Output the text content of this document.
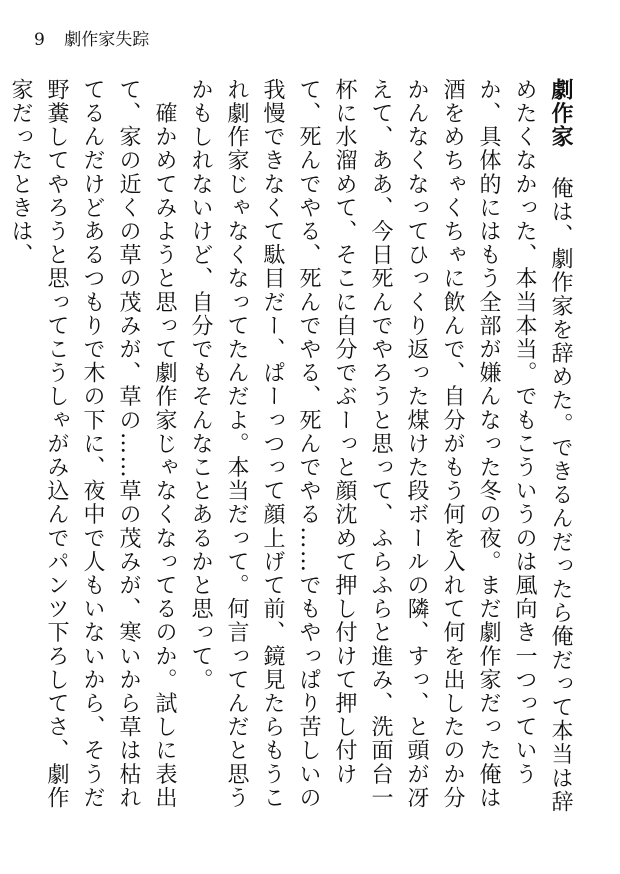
9 劇作家失踪

劇作家　俺は、劇作家を辞めた。できるんだったら俺だって本当は辞めたくなかった、本当本当。でもこういうのは風向き一つっていうか、具体的にはもう全部が嫌んなった冬の夜。まだ劇作家だった俺は酒をめちゃくちゃに飲んで、自分がもう何を入れて何を出したのか分かんなくなってひっくり返った煤けた段ボールの隣、すっ、と頭が冴えて、ああ、今日死んでやろうと思って、ふらふらと進み、洗面台一杯に水溜めて、そこに自分でぶーっと顔沈めて押し付けて押し付けて、死んでやる、死んでやる、死んでやる……でもやっぱり苦しいの我慢できなくて駄目だー、ぱーっつって顔上げて前、鏡見たらもうこれ劇作家じゃなくなってたんだよ。本当だって。何言ってんだと思うかもしれないけど、自分でもそんなことあるかと思って。

　確かめてみようと思って劇作家じゃなくなってるのか。試しに表出て、家の近くの草の茂みが、草の……草の茂みが、寒いから草は枯れてるんだけどあるつもりで木の下に、夜中で人もいないから、そうだ野糞してやろうと思ってこうしゃがみ込んでパンツ下ろしてさ、劇作家だったときは、
